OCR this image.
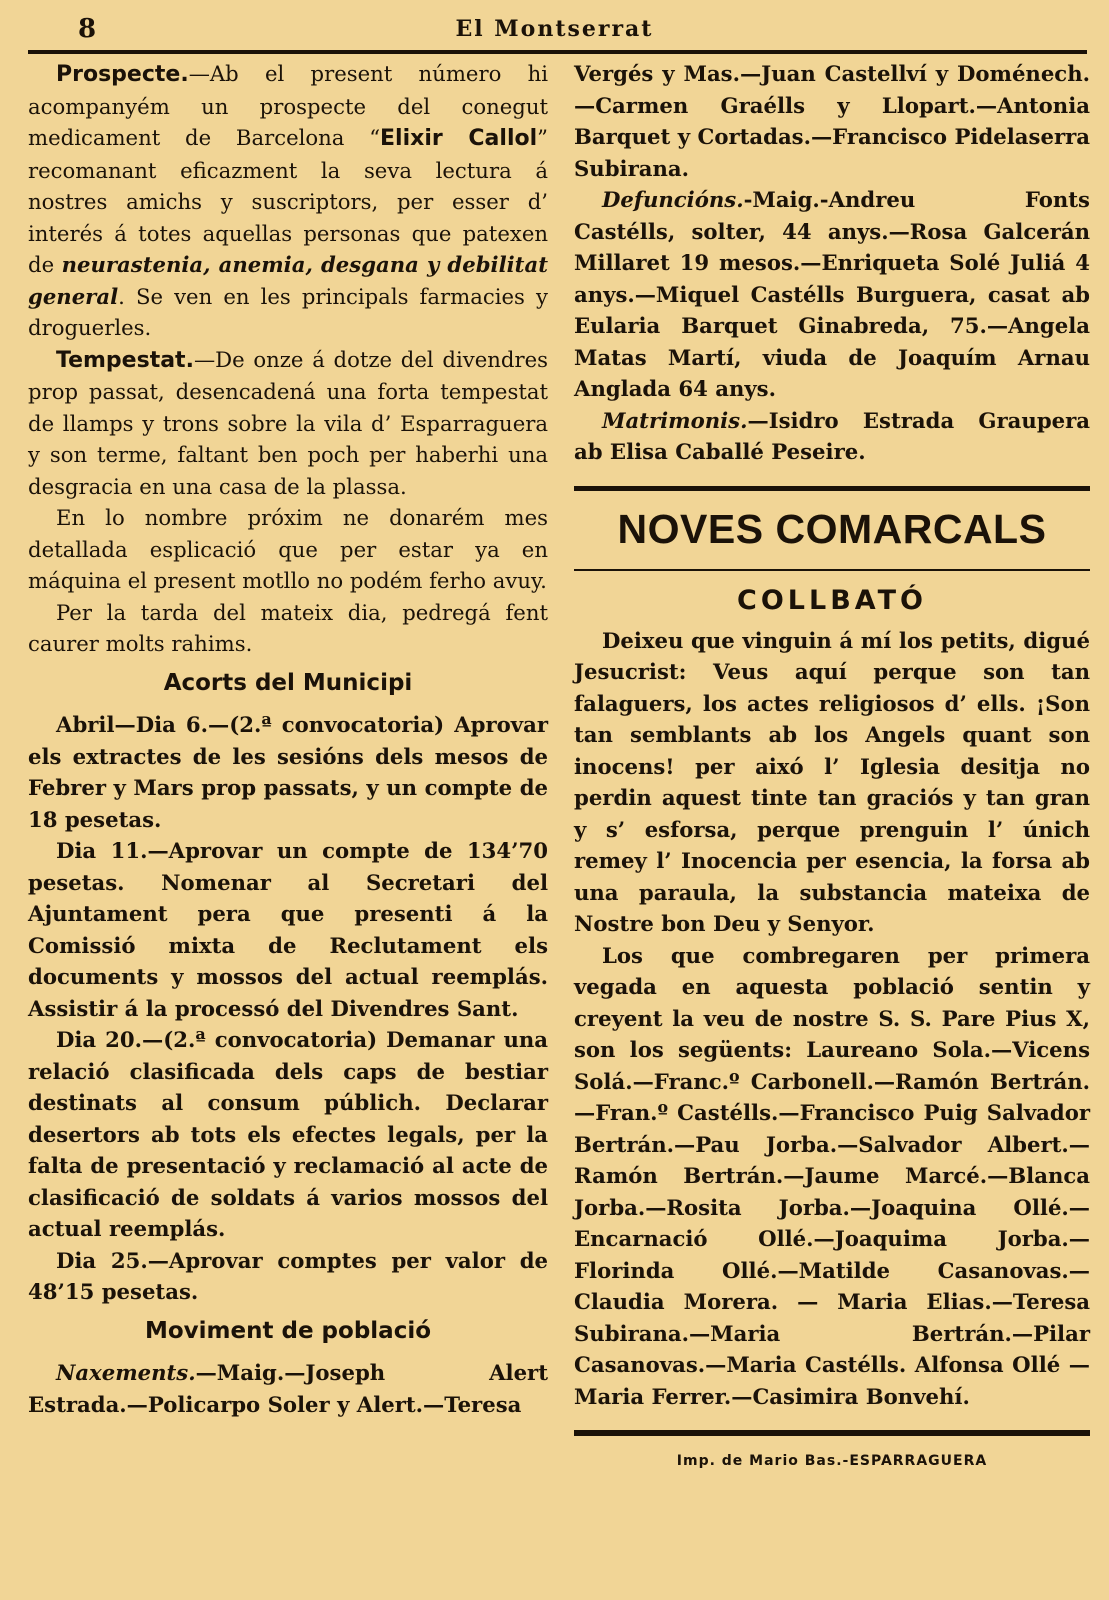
8	El Montserrat

Prospecte.—Ab el present número hi acompanyém un prospecte del conegut medicament de Barcelona “Elixir Callol” recomanant eficazment la seva lectura á nostres amichs y suscriptors, per esser d’ interés á totes aquellas personas que patexen de neurastenia, anemia, desgana y debilitat general. Se ven en les principals farmacies y droguerles.

Tempestat.—De onze á dotze del divendres prop passat, desencadená una forta tempestat de llamps y trons sobre la vila d’ Esparraguera y son terme, faltant ben poch per haberhi una desgracia en una casa de la plassa.

En lo nombre próxim ne donarém mes detallada esplicació que per estar ya en máquina el present motllo no podém ferho avuy.

Per la tarda del mateix dia, pedregá fent caurer molts rahims.

Acorts del Municipi

Abril—Dia 6.—(2.ª convocatoria) Aprovar els extractes de les sesións dels mesos de Febrer y Mars prop passats, y un compte de 18 pesetas.

Dia 11.—Aprovar un compte de 134’70 pesetas. Nomenar al Secretari del Ajuntament pera que presenti á la Comissió mixta de Reclutament els documents y mossos del actual reemplás. Assistir á la processó del Divendres Sant.

Dia 20.—(2.ª convocatoria) Demanar una relació clasificada dels caps de bestiar destinats al consum públich. Declarar desertors ab tots els efectes legals, per la falta de presentació y reclamació al acte de clasificació de soldats á varios mossos del actual reemplás.

Dia 25.—Aprovar comptes per valor de 48’15 pesetas.

Moviment de població

Naxements.—Maig.—Joseph Alert Estrada.—Policarpo Soler y Alert.—Teresa

Vergés y Mas.—Juan Castellví y Doménech.—Carmen Graélls y Llopart.—Antonia Barquet y Cortadas.—Francisco Pidelaserra Subirana.

Defuncións.-Maig.-Andreu Fonts Castélls, solter, 44 anys.—Rosa Galcerán Millaret 19 mesos.—Enriqueta Solé Juliá 4 anys.—Miquel Castélls Burguera, casat ab Eularia Barquet Ginabreda, 75.—Angela Matas Martí, viuda de Joaquím Arnau Anglada 64 anys.

Matrimonis.—Isidro Estrada Graupera ab Elisa Caballé Peseire.

NOVES COMARCALS
COLLBATÓ

Deixeu que vinguin á mí los petits, digué Jesucrist: Veus aquí perque son tan falaguers, los actes religiosos d’ ells. ¡Son tan semblants ab los Angels quant son inocens! per aixó l’ Iglesia desitja no perdin aquest tinte tan graciós y tan gran y s’ esforsa, perque prenguin l’ únich remey l’ Inocencia per esencia, la forsa ab una paraula, la substancia mateixa de Nostre bon Deu y Senyor.

Los que combregaren per primera vegada en aquesta població sentin y creyent la veu de nostre S. S. Pare Pius X, son los següents: Laureano Sola.—Vicens Solá.—Franc.º Carbonell.—Ramón Bertrán.—Fran.º Castélls.—Francisco Puig Salvador Bertrán.—Pau Jorba.—Salvador Albert.—Ramón Bertrán.—Jaume Marcé.—Blanca Jorba.—Rosita Jorba.—Joaquina Ollé.—Encarnació Ollé.—Joaquima Jorba.—Florinda Ollé.—Matilde Casanovas.—Claudia Morera. — Maria Elias.—Teresa Subirana.—Maria Bertrán.—Pilar Casanovas.—Maria Castélls. Alfonsa Ollé —Maria Ferrer.—Casimira Bonvehí.

Imp. de Mario Bas.-ESPARRAGUERA
